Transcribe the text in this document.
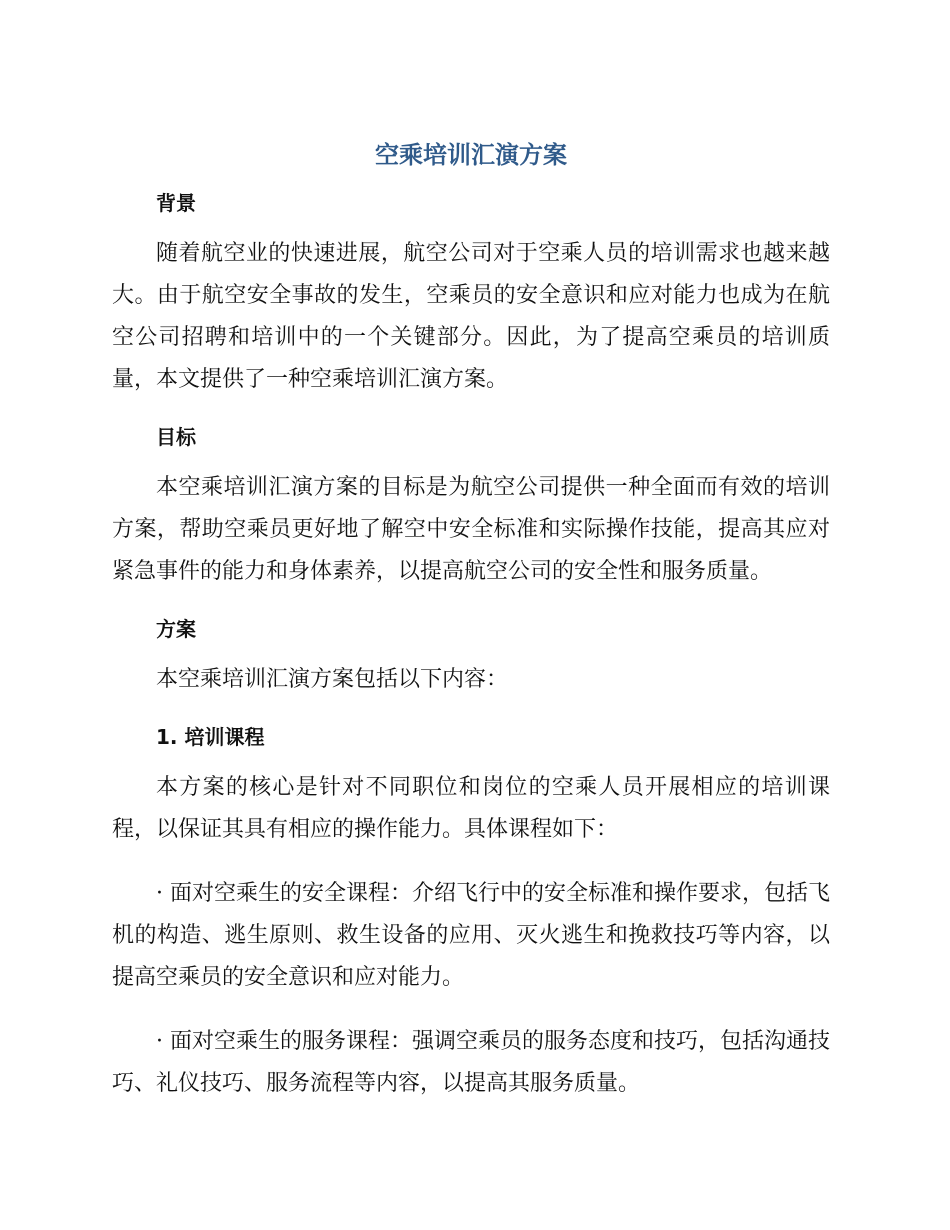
空乘培训汇演方案
背景

随着航空业的快速进展，航空公司对于空乘人员的培训需求也越来越大。由于航空安全事故的发生，空乘员的安全意识和应对能力也成为在航空公司招聘和培训中的一个关键部分。因此，为了提高空乘员的培训质量，本文提供了一种空乘培训汇演方案。

目标

本空乘培训汇演方案的目标是为航空公司提供一种全面而有效的培训方案，帮助空乘员更好地了解空中安全标准和实际操作技能，提高其应对紧急事件的能力和身体素养，以提高航空公司的安全性和服务质量。

方案

本空乘培训汇演方案包括以下内容：

1. 培训课程

本方案的核心是针对不同职位和岗位的空乘人员开展相应的培训课程，以保证其具有相应的操作能力。具体课程如下：

· 面对空乘生的安全课程：介绍飞行中的安全标准和操作要求，包括飞机的构造、逃生原则、救生设备的应用、灭火逃生和挽救技巧等内容，以提高空乘员的安全意识和应对能力。

· 面对空乘生的服务课程：强调空乘员的服务态度和技巧，包括沟通技巧、礼仪技巧、服务流程等内容，以提高其服务质量。
